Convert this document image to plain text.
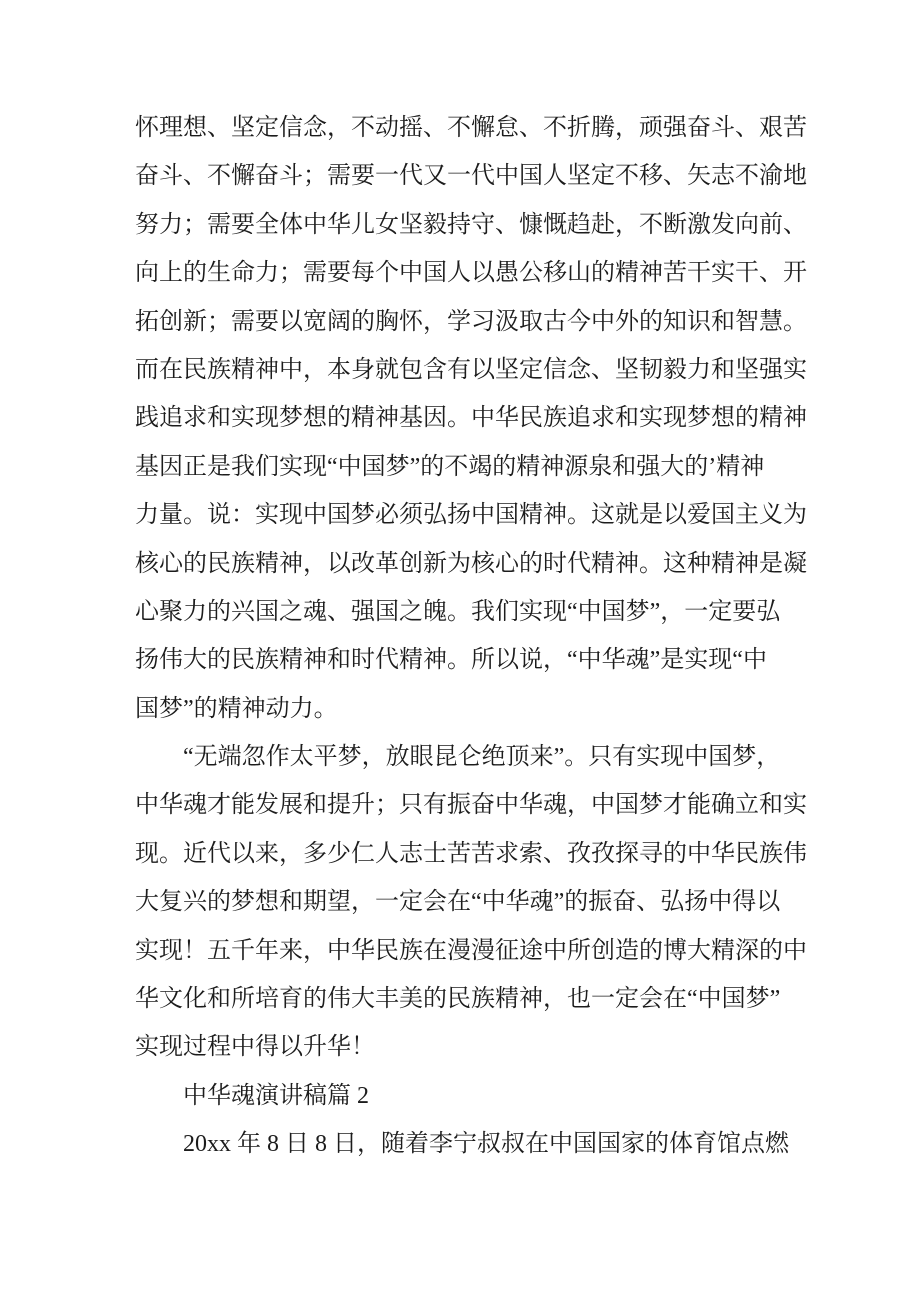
怀理想、坚定信念，不动摇、不懈怠、不折腾，顽强奋斗、艰苦
奋斗、不懈奋斗；需要一代又一代中国人坚定不移、矢志不渝地
努力；需要全体中华儿女坚毅持守、慷慨趋赴，不断激发向前、
向上的生命力；需要每个中国人以愚公移山的精神苦干实干、开
拓创新；需要以宽阔的胸怀，学习汲取古今中外的知识和智慧。
而在民族精神中，本身就包含有以坚定信念、坚韧毅力和坚强实
践追求和实现梦想的精神基因。中华民族追求和实现梦想的精神
基因正是我们实现“中国梦”的不竭的精神源泉和强大的’精神
力量。说：实现中国梦必须弘扬中国精神。这就是以爱国主义为
核心的民族精神，以改革创新为核心的时代精神。这种精神是凝
心聚力的兴国之魂、强国之魄。我们实现“中国梦”，一定要弘
扬伟大的民族精神和时代精神。所以说，“中华魂”是实现“中
国梦”的精神动力。
　　“无端忽作太平梦，放眼昆仑绝顶来”。只有实现中国梦，
中华魂才能发展和提升；只有振奋中华魂，中国梦才能确立和实
现。近代以来，多少仁人志士苦苦求索、孜孜探寻的中华民族伟
大复兴的梦想和期望，一定会在“中华魂”的振奋、弘扬中得以
实现！五千年来，中华民族在漫漫征途中所创造的博大精深的中
华文化和所培育的伟大丰美的民族精神，也一定会在“中国梦”
实现过程中得以升华！
　　中华魂演讲稿篇 2
　　20xx 年 8 日 8 日，随着李宁叔叔在中国国家的体育馆点燃
